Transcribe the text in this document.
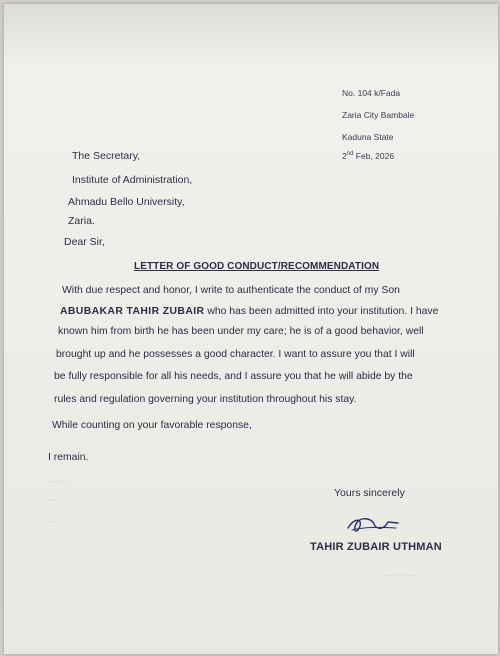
No. 104 k/Fada
Zaria City Bambale
Kaduna State
2nd Feb, 2026
The Secretary,
Institute of Administration,
Ahmadu Bello University,
Zaria.
Dear Sir,
LETTER OF GOOD CONDUCT/RECOMMENDATION
With due respect and honor, I write to authenticate the conduct of my Son
ABUBAKAR TAHIR ZUBAIR who has been admitted into your institution. I have
known him from birth he has been under my care; he is of a good behavior, well
brought up and he possesses a good character. I want to assure you that I will
be fully responsible for all his needs, and I assure you that he will abide by the
rules and regulation governing your institution throughout his stay.
While counting on your favorable response,
I remain.
— —
—
—
— — —
Yours sincerely
TAHIR ZUBAIR UTHMAN
